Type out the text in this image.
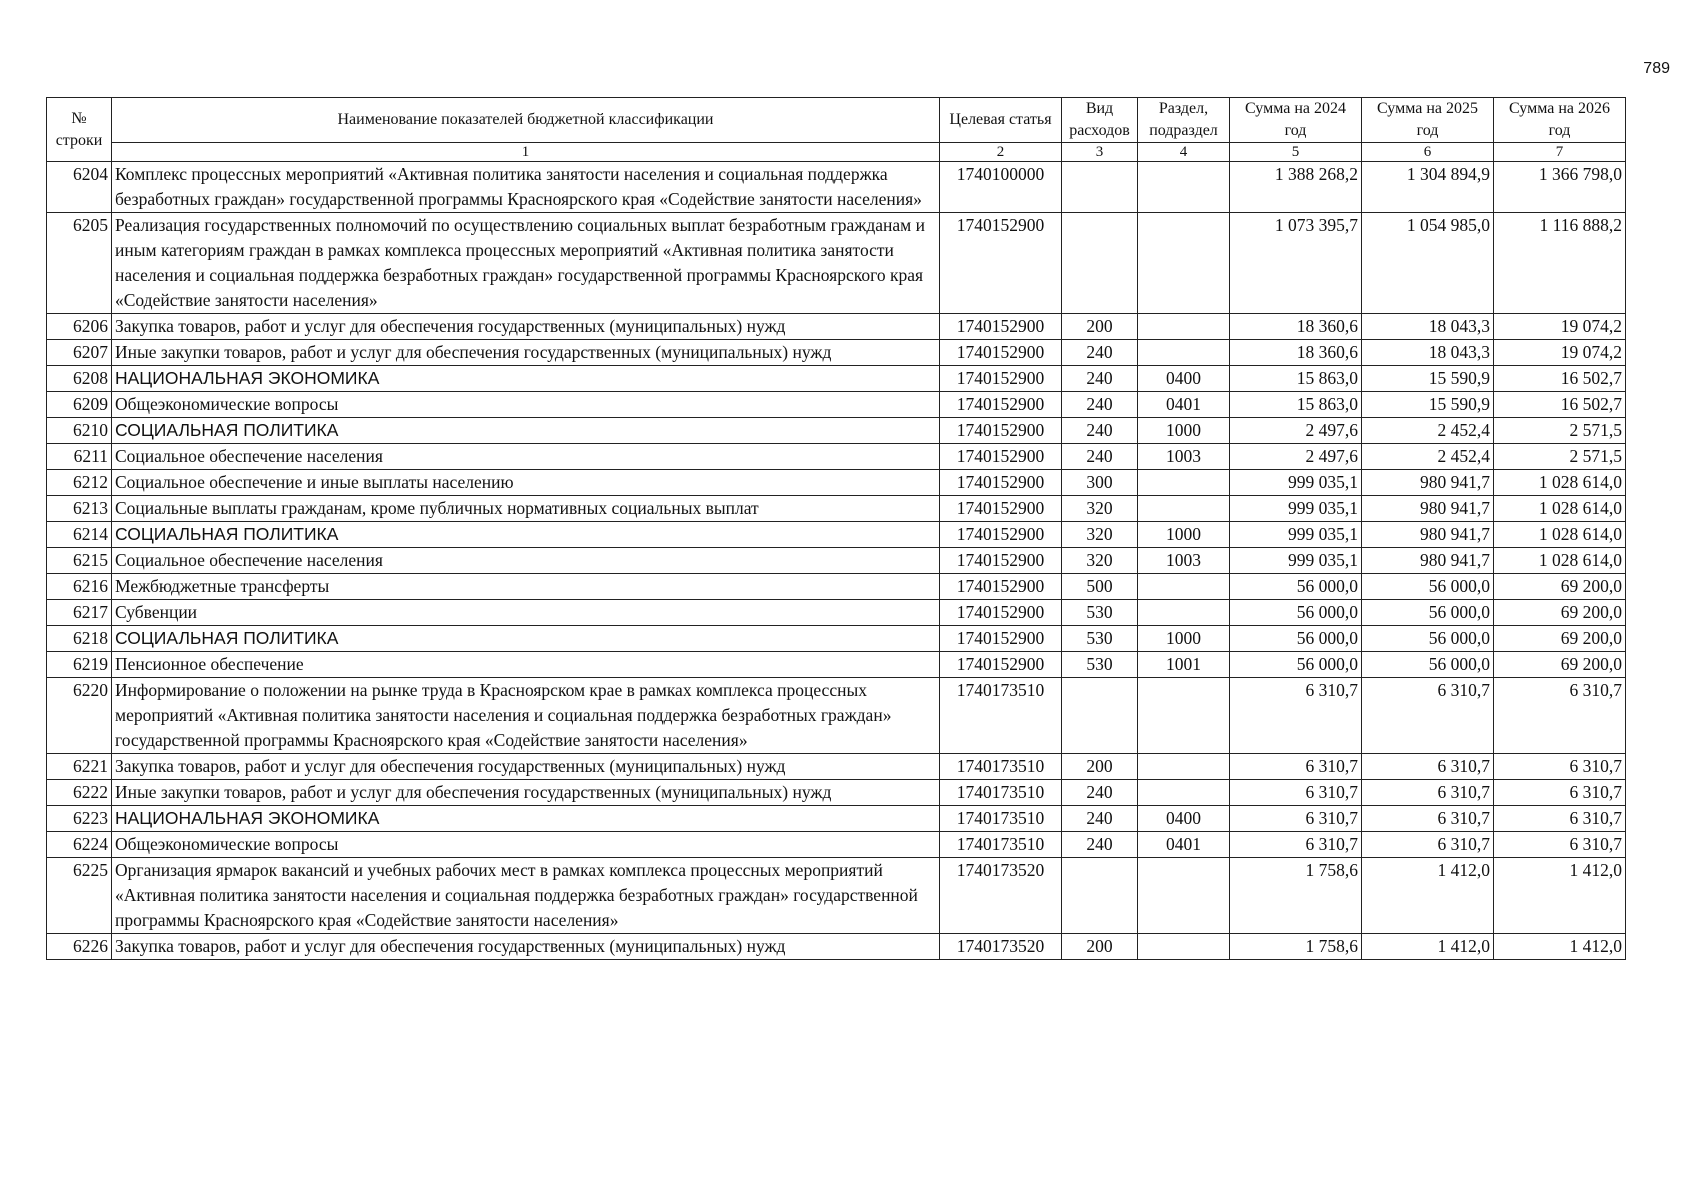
789
№ строки	Наименование показателей бюджетной классификации	Целевая статья	Вид расходов	Раздел, подраздел	Сумма на 2024 год	Сумма на 2025 год	Сумма на 2026 год
	1	2	3	4	5	6	7
6204	Комплекс процессных мероприятий «Активная политика занятости населения и социальная поддержка безработных граждан» государственной программы Красноярского края «Содействие занятости населения»	1740100000			1 388 268,2	1 304 894,9	1 366 798,0
6205	Реализация государственных полномочий по осуществлению социальных выплат безработным гражданам и иным категориям граждан в рамках комплекса процессных мероприятий «Активная политика занятости населения и социальная поддержка безработных граждан» государственной программы Красноярского края «Содействие занятости населения»	1740152900			1 073 395,7	1 054 985,0	1 116 888,2
6206	Закупка товаров, работ и услуг для обеспечения государственных (муниципальных) нужд	1740152900	200		18 360,6	18 043,3	19 074,2
6207	Иные закупки товаров, работ и услуг для обеспечения государственных (муниципальных) нужд	1740152900	240		18 360,6	18 043,3	19 074,2
6208	НАЦИОНАЛЬНАЯ ЭКОНОМИКА	1740152900	240	0400	15 863,0	15 590,9	16 502,7
6209	Общеэкономические вопросы	1740152900	240	0401	15 863,0	15 590,9	16 502,7
6210	СОЦИАЛЬНАЯ ПОЛИТИКА	1740152900	240	1000	2 497,6	2 452,4	2 571,5
6211	Социальное обеспечение населения	1740152900	240	1003	2 497,6	2 452,4	2 571,5
6212	Социальное обеспечение и иные выплаты населению	1740152900	300		999 035,1	980 941,7	1 028 614,0
6213	Социальные выплаты гражданам, кроме публичных нормативных социальных выплат	1740152900	320		999 035,1	980 941,7	1 028 614,0
6214	СОЦИАЛЬНАЯ ПОЛИТИКА	1740152900	320	1000	999 035,1	980 941,7	1 028 614,0
6215	Социальное обеспечение населения	1740152900	320	1003	999 035,1	980 941,7	1 028 614,0
6216	Межбюджетные трансферты	1740152900	500		56 000,0	56 000,0	69 200,0
6217	Субвенции	1740152900	530		56 000,0	56 000,0	69 200,0
6218	СОЦИАЛЬНАЯ ПОЛИТИКА	1740152900	530	1000	56 000,0	56 000,0	69 200,0
6219	Пенсионное обеспечение	1740152900	530	1001	56 000,0	56 000,0	69 200,0
6220	Информирование о положении на рынке труда в Красноярском крае в рамках комплекса процессных мероприятий «Активная политика занятости населения и социальная поддержка безработных граждан» государственной программы Красноярского края «Содействие занятости населения»	1740173510			6 310,7	6 310,7	6 310,7
6221	Закупка товаров, работ и услуг для обеспечения государственных (муниципальных) нужд	1740173510	200		6 310,7	6 310,7	6 310,7
6222	Иные закупки товаров, работ и услуг для обеспечения государственных (муниципальных) нужд	1740173510	240		6 310,7	6 310,7	6 310,7
6223	НАЦИОНАЛЬНАЯ ЭКОНОМИКА	1740173510	240	0400	6 310,7	6 310,7	6 310,7
6224	Общеэкономические вопросы	1740173510	240	0401	6 310,7	6 310,7	6 310,7
6225	Организация ярмарок вакансий и учебных рабочих мест в рамках комплекса процессных мероприятий «Активная политика занятости населения и социальная поддержка безработных граждан» государственной программы Красноярского края «Содействие занятости населения»	1740173520			1 758,6	1 412,0	1 412,0
6226	Закупка товаров, работ и услуг для обеспечения государственных (муниципальных) нужд	1740173520	200		1 758,6	1 412,0	1 412,0
